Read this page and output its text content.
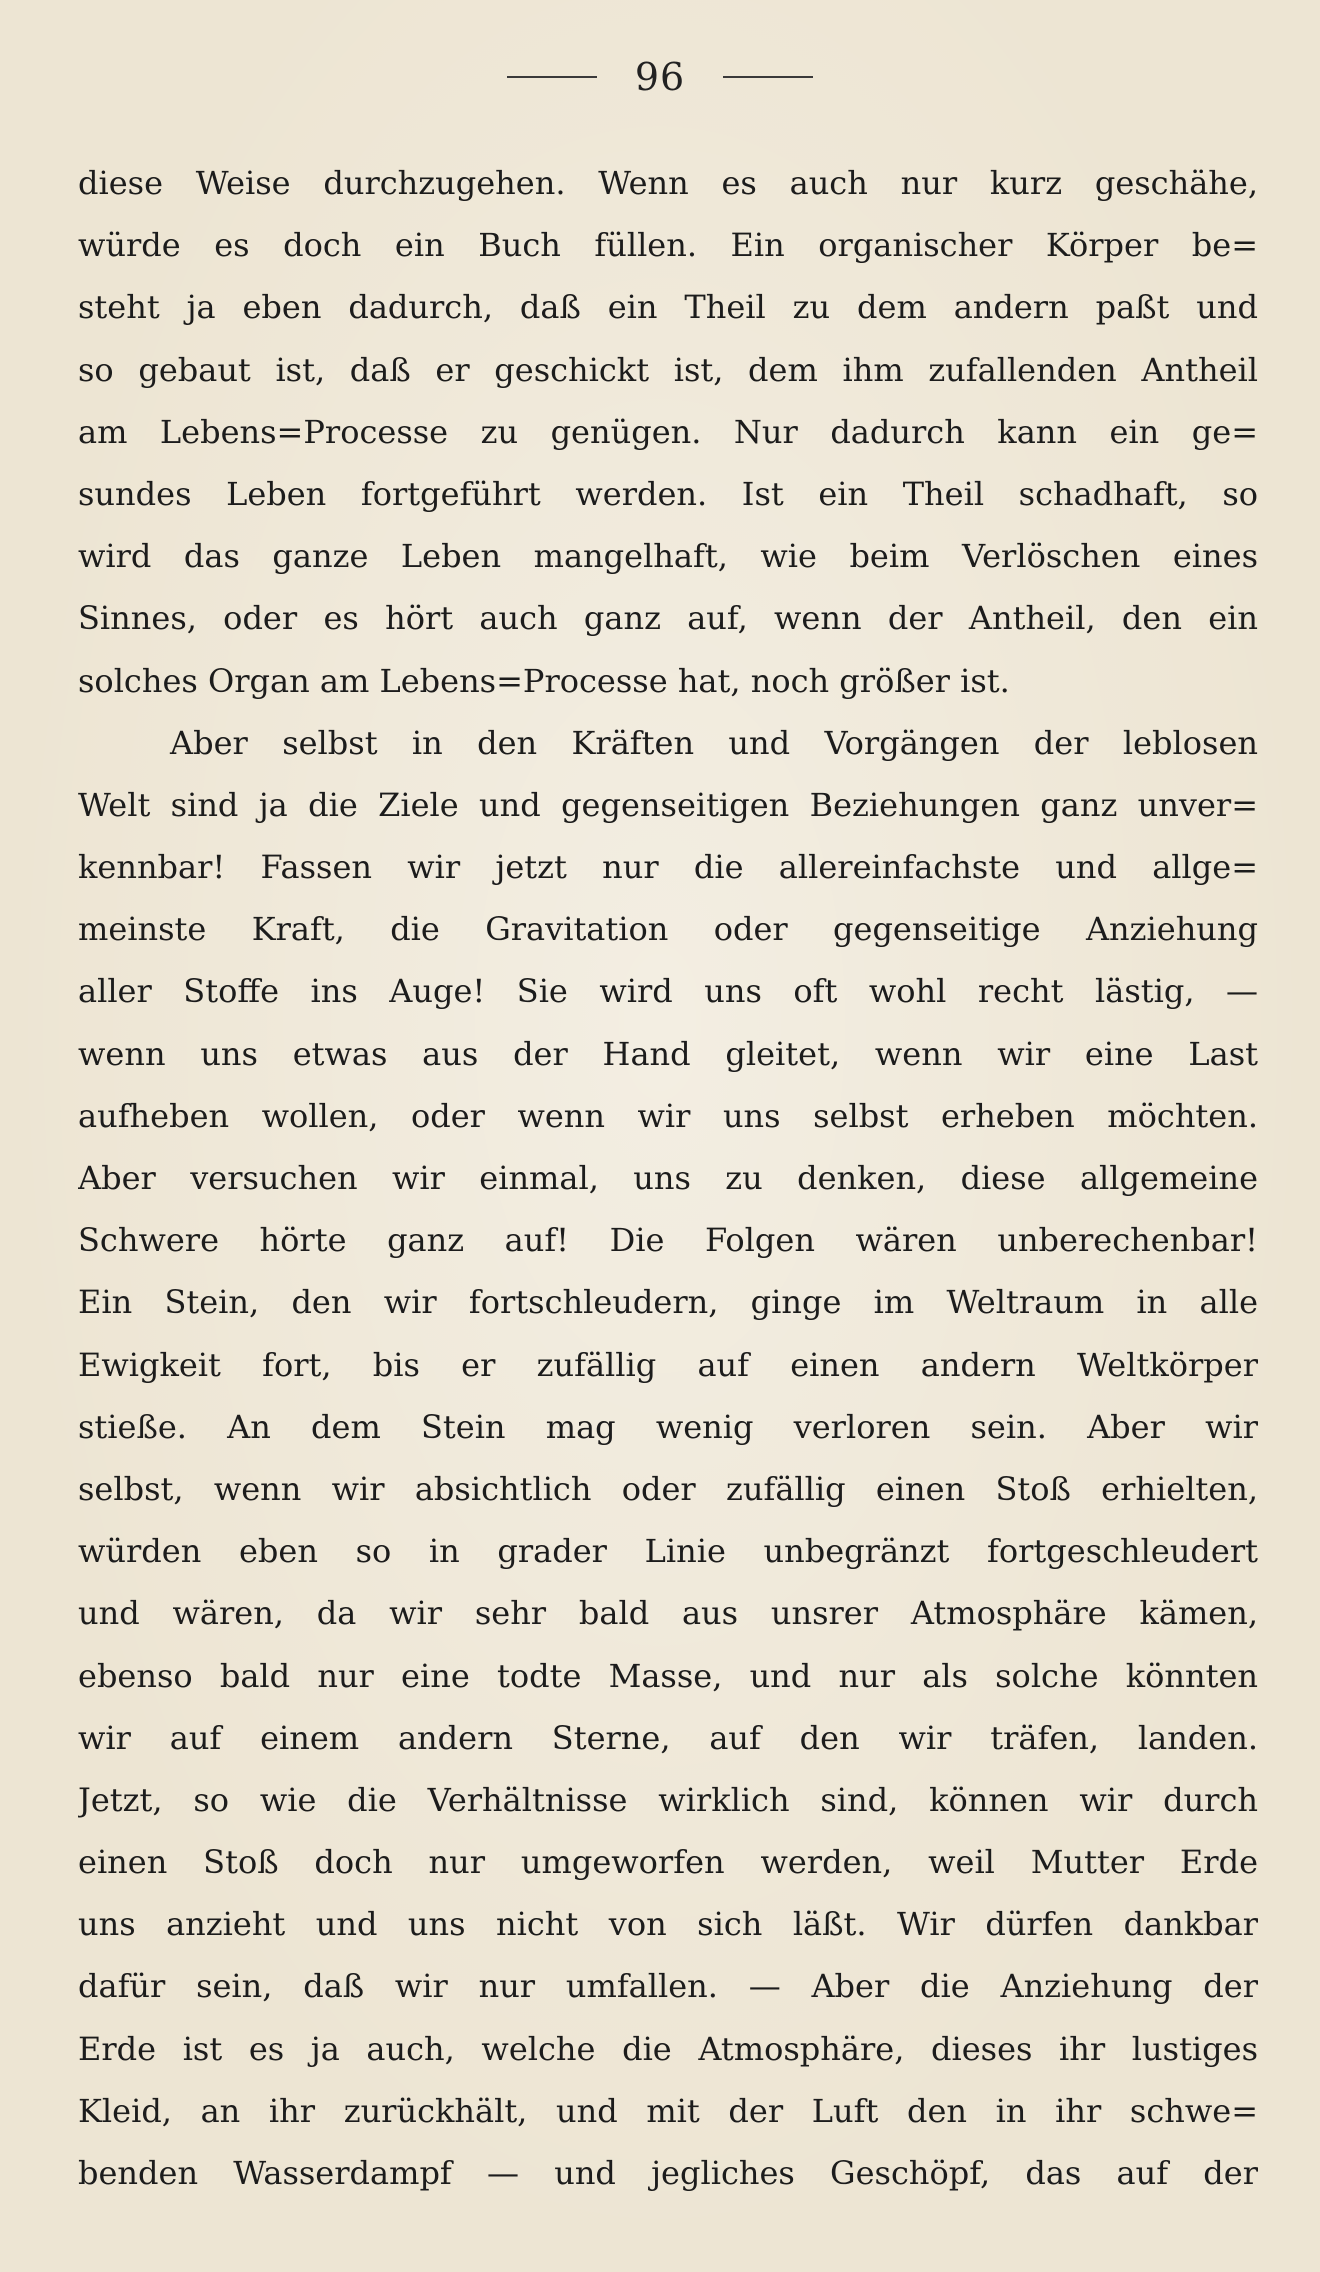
96
diese Weise durchzugehen. Wenn es auch nur kurz geschähe,
würde es doch ein Buch füllen. Ein organischer Körper be=
steht ja eben dadurch, daß ein Theil zu dem andern paßt und
so gebaut ist, daß er geschickt ist, dem ihm zufallenden Antheil
am Lebens=Processe zu genügen. Nur dadurch kann ein ge=
sundes Leben fortgeführt werden. Ist ein Theil schadhaft, so
wird das ganze Leben mangelhaft, wie beim Verlöschen eines
Sinnes, oder es hört auch ganz auf, wenn der Antheil, den ein
solches Organ am Lebens=Processe hat, noch größer ist.
Aber selbst in den Kräften und Vorgängen der leblosen
Welt sind ja die Ziele und gegenseitigen Beziehungen ganz unver=
kennbar! Fassen wir jetzt nur die allereinfachste und allge=
meinste Kraft, die Gravitation oder gegenseitige Anziehung
aller Stoffe ins Auge! Sie wird uns oft wohl recht lästig, —
wenn uns etwas aus der Hand gleitet, wenn wir eine Last
aufheben wollen, oder wenn wir uns selbst erheben möchten.
Aber versuchen wir einmal, uns zu denken, diese allgemeine
Schwere hörte ganz auf! Die Folgen wären unberechenbar!
Ein Stein, den wir fortschleudern, ginge im Weltraum in alle
Ewigkeit fort, bis er zufällig auf einen andern Weltkörper
stieße. An dem Stein mag wenig verloren sein. Aber wir
selbst, wenn wir absichtlich oder zufällig einen Stoß erhielten,
würden eben so in grader Linie unbegränzt fortgeschleudert
und wären, da wir sehr bald aus unsrer Atmosphäre kämen,
ebenso bald nur eine todte Masse, und nur als solche könnten
wir auf einem andern Sterne, auf den wir träfen, landen.
Jetzt, so wie die Verhältnisse wirklich sind, können wir durch
einen Stoß doch nur umgeworfen werden, weil Mutter Erde
uns anzieht und uns nicht von sich läßt. Wir dürfen dankbar
dafür sein, daß wir nur umfallen. — Aber die Anziehung der
Erde ist es ja auch, welche die Atmosphäre, dieses ihr lustiges
Kleid, an ihr zurückhält, und mit der Luft den in ihr schwe=
benden Wasserdampf — und jegliches Geschöpf, das auf der
